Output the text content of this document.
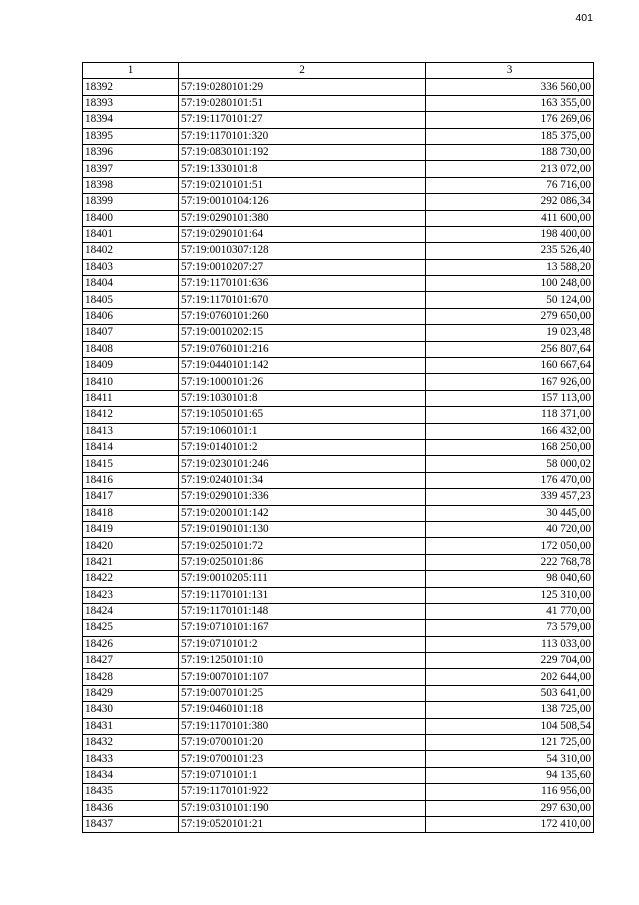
401
1	2	3
18392	57:19:0280101:29	336 560,00
18393	57:19:0280101:51	163 355,00
18394	57:19:1170101:27	176 269,06
18395	57:19:1170101:320	185 375,00
18396	57:19:0830101:192	188 730,00
18397	57:19:1330101:8	213 072,00
18398	57:19:0210101:51	76 716,00
18399	57:19:0010104:126	292 086,34
18400	57:19:0290101:380	411 600,00
18401	57:19:0290101:64	198 400,00
18402	57:19:0010307:128	235 526,40
18403	57:19:0010207:27	13 588,20
18404	57:19:1170101:636	100 248,00
18405	57:19:1170101:670	50 124,00
18406	57:19:0760101:260	279 650,00
18407	57:19:0010202:15	19 023,48
18408	57:19:0760101:216	256 807,64
18409	57:19:0440101:142	160 667,64
18410	57:19:1000101:26	167 926,00
18411	57:19:1030101:8	157 113,00
18412	57:19:1050101:65	118 371,00
18413	57:19:1060101:1	166 432,00
18414	57:19:0140101:2	168 250,00
18415	57:19:0230101:246	58 000,02
18416	57:19:0240101:34	176 470,00
18417	57:19:0290101:336	339 457,23
18418	57:19:0200101:142	30 445,00
18419	57:19:0190101:130	40 720,00
18420	57:19:0250101:72	172 050,00
18421	57:19:0250101:86	222 768,78
18422	57:19:0010205:111	98 040,60
18423	57:19:1170101:131	125 310,00
18424	57:19:1170101:148	41 770,00
18425	57:19:0710101:167	73 579,00
18426	57:19:0710101:2	113 033,00
18427	57:19:1250101:10	229 704,00
18428	57:19:0070101:107	202 644,00
18429	57:19:0070101:25	503 641,00
18430	57:19:0460101:18	138 725,00
18431	57:19:1170101:380	104 508,54
18432	57:19:0700101:20	121 725,00
18433	57:19:0700101:23	54 310,00
18434	57:19:0710101:1	94 135,60
18435	57:19:1170101:922	116 956,00
18436	57:19:0310101:190	297 630,00
18437	57:19:0520101:21	172 410,00
